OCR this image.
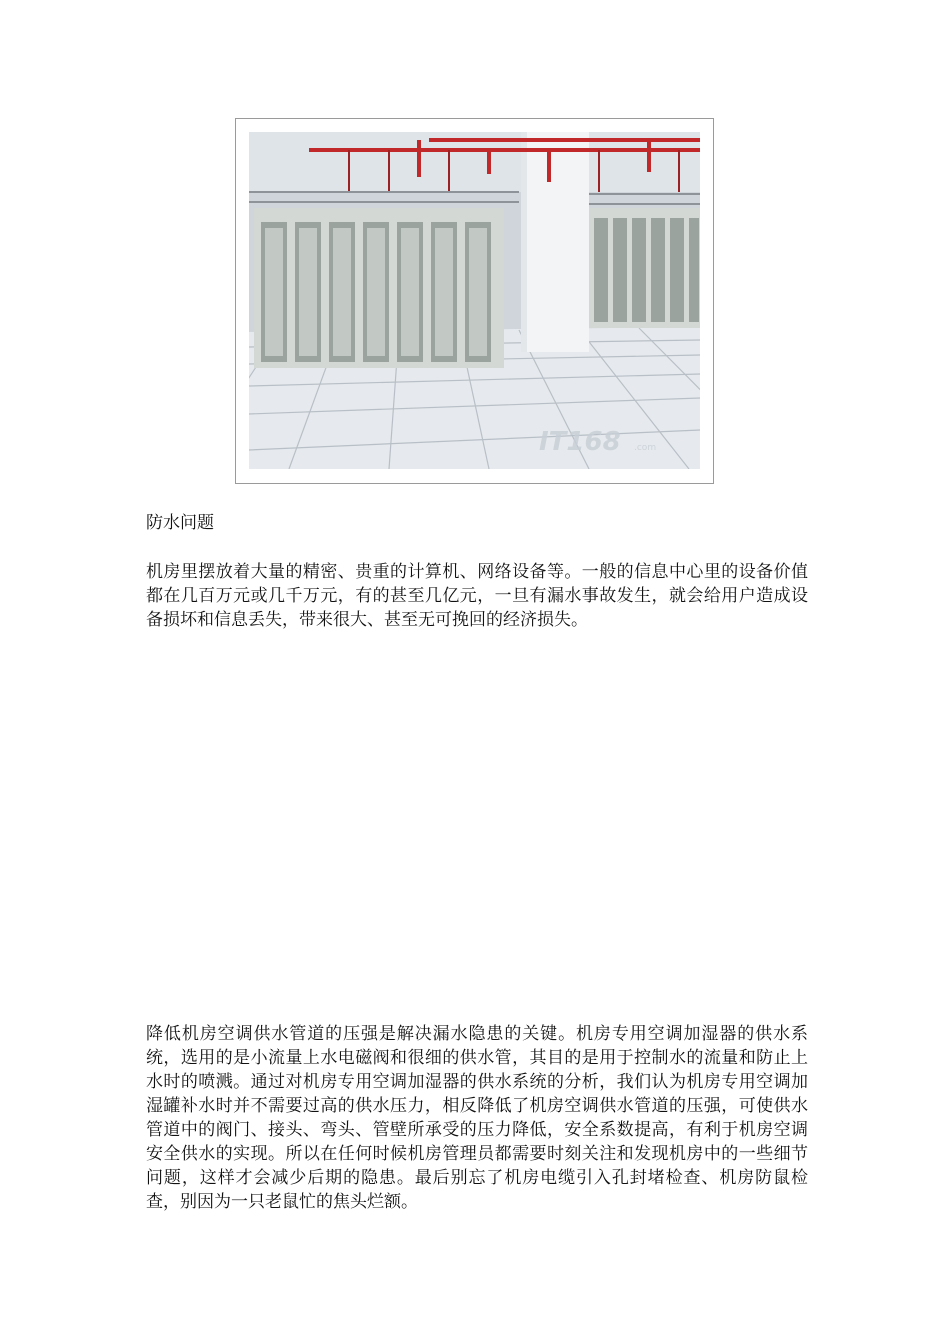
IT168 .com
防水问题

机房里摆放着大量的精密、贵重的计算机、网络设备等。一般的信息中心里的设备价值都在几百万元或几千万元，有的甚至几亿元，一旦有漏水事故发生，就会给用户造成设备损坏和信息丢失，带来很大、甚至无可挽回的经济损失。

降低机房空调供水管道的压强是解决漏水隐患的关键。机房专用空调加湿器的供水系统，选用的是小流量上水电磁阀和很细的供水管，其目的是用于控制水的流量和防止上水时的喷溅。通过对机房专用空调加湿器的供水系统的分析，我们认为机房专用空调加湿罐补水时并不需要过高的供水压力，相反降低了机房空调供水管道的压强，可使供水管道中的阀门、接头、弯头、管壁所承受的压力降低，安全系数提高，有利于机房空调安全供水的实现。所以在任何时候机房管理员都需要时刻关注和发现机房中的一些细节问题，这样才会减少后期的隐患。最后别忘了机房电缆引入孔封堵检查、机房防鼠检查，别因为一只老鼠忙的焦头烂额。
